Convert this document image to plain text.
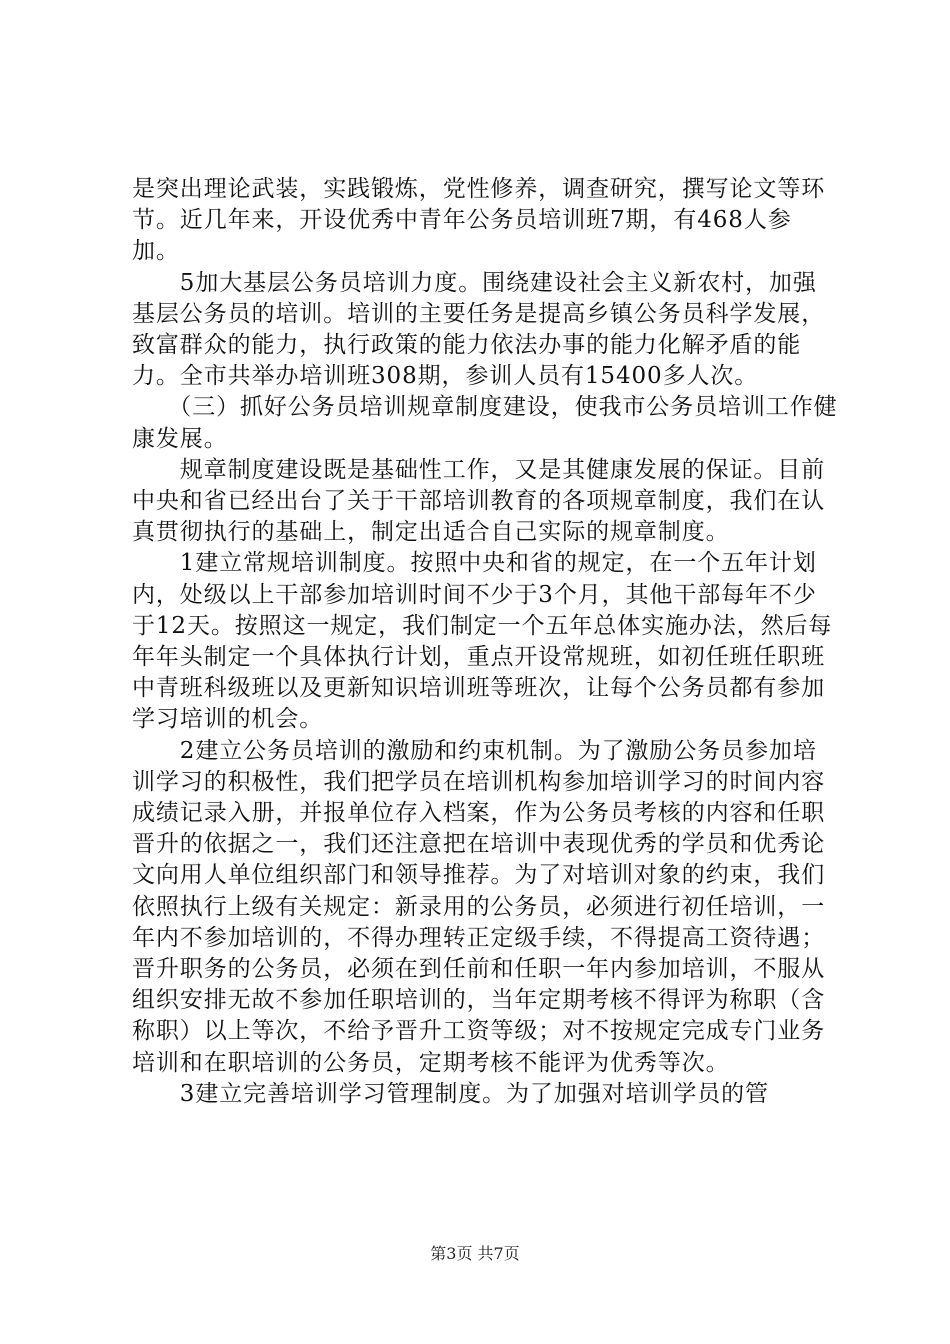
是突出理论武装，实践锻炼，党性修养，调查研究，撰写论文等环节。近几年来，开设优秀中青年公务员培训班7期，有468人参加。

　　5加大基层公务员培训力度。围绕建设社会主义新农村，加强基层公务员的培训。培训的主要任务是提高乡镇公务员科学发展，致富群众的能力，执行政策的能力依法办事的能力化解矛盾的能力。全市共举办培训班308期，参训人员有15400多人次。

　　（三）抓好公务员培训规章制度建设，使我市公务员培训工作健康发展。

　　规章制度建设既是基础性工作，又是其健康发展的保证。目前中央和省已经出台了关于干部培训教育的各项规章制度，我们在认真贯彻执行的基础上，制定出适合自己实际的规章制度。

　　1建立常规培训制度。按照中央和省的规定，在一个五年计划内，处级以上干部参加培训时间不少于3个月，其他干部每年不少于12天。按照这一规定，我们制定一个五年总体实施办法，然后每年年头制定一个具体执行计划，重点开设常规班，如初任班任职班中青班科级班以及更新知识培训班等班次，让每个公务员都有参加学习培训的机会。

　　2建立公务员培训的激励和约束机制。为了激励公务员参加培训学习的积极性，我们把学员在培训机构参加培训学习的时间内容成绩记录入册，并报单位存入档案，作为公务员考核的内容和任职晋升的依据之一，我们还注意把在培训中表现优秀的学员和优秀论文向用人单位组织部门和领导推荐。为了对培训对象的约束，我们依照执行上级有关规定：新录用的公务员，必须进行初任培训，一年内不参加培训的，不得办理转正定级手续，不得提高工资待遇；晋升职务的公务员，必须在到任前和任职一年内参加培训，不服从组织安排无故不参加任职培训的，当年定期考核不得评为称职（含称职）以上等次，不给予晋升工资等级；对不按规定完成专门业务培训和在职培训的公务员，定期考核不能评为优秀等次。

　　3建立完善培训学习管理制度。为了加强对培训学员的管

第3页 共7页
